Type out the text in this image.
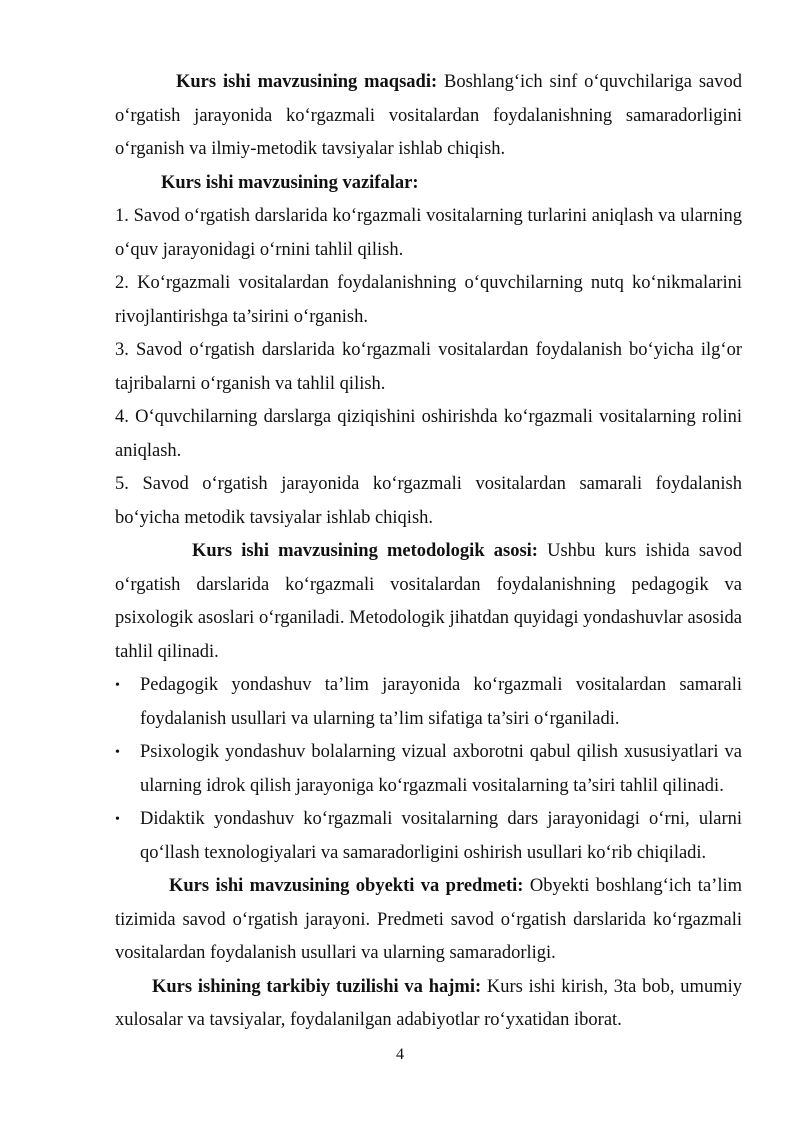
Kurs ishi mavzusining maqsadi: Boshlang‘ich sinf o‘quvchilariga savod o‘rgatish jarayonida ko‘rgazmali vositalardan foydalanishning samaradorligini o‘rganish va ilmiy-metodik tavsiyalar ishlab chiqish.

Kurs ishi mavzusining vazifalar:

1. Savod o‘rgatish darslarida ko‘rgazmali vositalarning turlarini aniqlash va ularning o‘quv jarayonidagi o‘rnini tahlil qilish.

2. Ko‘rgazmali vositalardan foydalanishning o‘quvchilarning nutq ko‘nikmalarini rivojlantirishga ta’sirini o‘rganish.

3. Savod o‘rgatish darslarida ko‘rgazmali vositalardan foydalanish bo‘yicha ilg‘or tajribalarni o‘rganish va tahlil qilish.

4. O‘quvchilarning darslarga qiziqishini oshirishda ko‘rgazmali vositalarning rolini aniqlash.

5. Savod o‘rgatish jarayonida ko‘rgazmali vositalardan samarali foydalanish bo‘yicha metodik tavsiyalar ishlab chiqish.

Kurs ishi mavzusining metodologik asosi: Ushbu kurs ishida savod o‘rgatish darslarida ko‘rgazmali vositalardan foydalanishning pedagogik va psixologik asoslari o‘rganiladi. Metodologik jihatdan quyidagi yondashuvlar asosida tahlil qilinadi.

• Pedagogik yondashuv ta’lim jarayonida ko‘rgazmali vositalardan samarali foydalanish usullari va ularning ta’lim sifatiga ta’siri o‘rganiladi.
• Psixologik yondashuv bolalarning vizual axborotni qabul qilish xususiyatlari va ularning idrok qilish jarayoniga ko‘rgazmali vositalarning ta’siri tahlil qilinadi.
• Didaktik yondashuv ko‘rgazmali vositalarning dars jarayonidagi o‘rni, ularni qo‘llash texnologiyalari va samaradorligini oshirish usullari ko‘rib chiqiladi.

Kurs ishi mavzusining obyekti va predmeti: Obyekti boshlang‘ich ta’lim tizimida savod o‘rgatish jarayoni. Predmeti savod o‘rgatish darslarida ko‘rgazmali vositalardan foydalanish usullari va ularning samaradorligi.

Kurs ishining tarkibiy tuzilishi va hajmi: Kurs ishi kirish, 3ta bob, umumiy xulosalar va tavsiyalar, foydalanilgan adabiyotlar ro‘yxatidan iborat.

4
